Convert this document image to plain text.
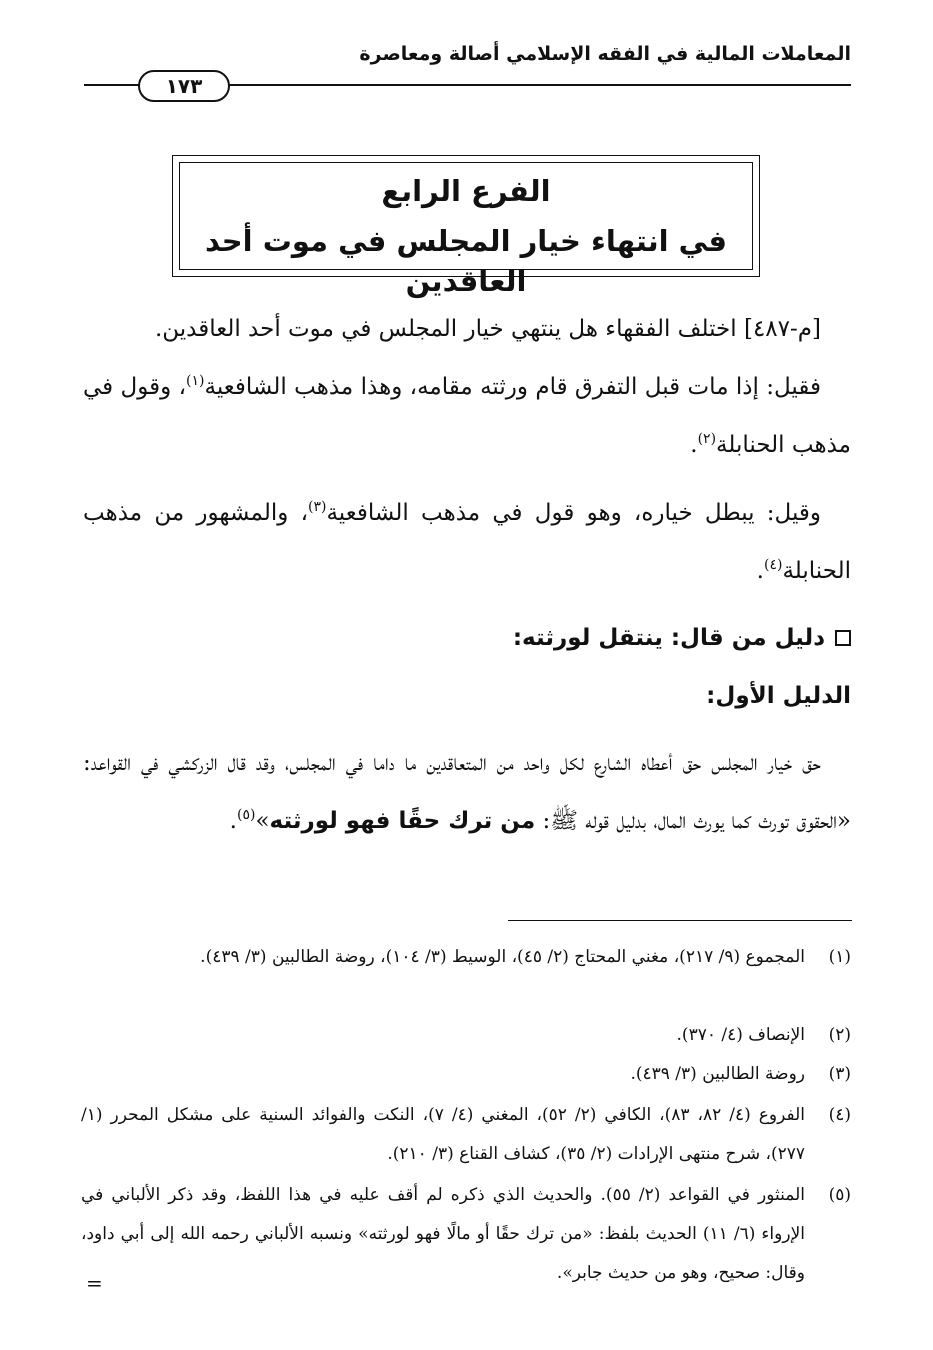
المعاملات المالية في الفقه الإسلامي أصالة ومعاصرة
١٧٣
الفرع الرابع
في انتهاء خيار المجلس في موت أحد العاقدين
[م-٤٨٧] اختلف الفقهاء هل ينتهي خيار المجلس في موت أحد العاقدين.
فقيل: إذا مات قبل التفرق قام ورثته مقامه، وهذا مذهب الشافعية$^{(١)}$، وقول في مذهب الحنابلة$^{(٢)}$.
وقيل: يبطل خياره، وهو قول في مذهب الشافعية$^{(٣)}$، والمشهور من مذهب الحنابلة$^{(٤)}$.
دليل من قال: ينتقل لورثته:
الدليل الأول:
حق خيار المجلس حق أعطاه الشارع لكل واحد من المتعاقدين ما داما في المجلس، وقد قال الزركشي في القواعد: «الحقوق تورث كما يورث المال، بدليل قوله ﷺ: من ترك حقًا فهو لورثته»$^{(٥)}$.
(١)
المجموع (٩/ ٢١٧)، مغني المحتاج (٢/ ٤٥)، الوسيط (٣/ ١٠٤)، روضة الطالبين (٣/ ٤٣٩).
(٢)
الإنصاف (٤/ ٣٧٠).
(٣)
روضة الطالبين (٣/ ٤٣٩).
(٤)
الفروع (٤/ ٨٢، ٨٣)، الكافي (٢/ ٥٢)، المغني (٤/ ٧)، النكت والفوائد السنية على مشكل المحرر (١/ ٢٧٧)، شرح منتهى الإرادات (٢/ ٣٥)، كشاف القناع (٣/ ٢١٠).
(٥)
المنثور في القواعد (٢/ ٥٥). والحديث الذي ذكره لم أقف عليه في هذا اللفظ، وقد ذكر الألباني في الإرواء (٦/ ١١) الحديث بلفظ: «من ترك حقًا أو مالًا فهو لورثته» ونسبه الألباني رحمه الله إلى أبي داود، وقال: صحيح، وهو من حديث جابر».
=
